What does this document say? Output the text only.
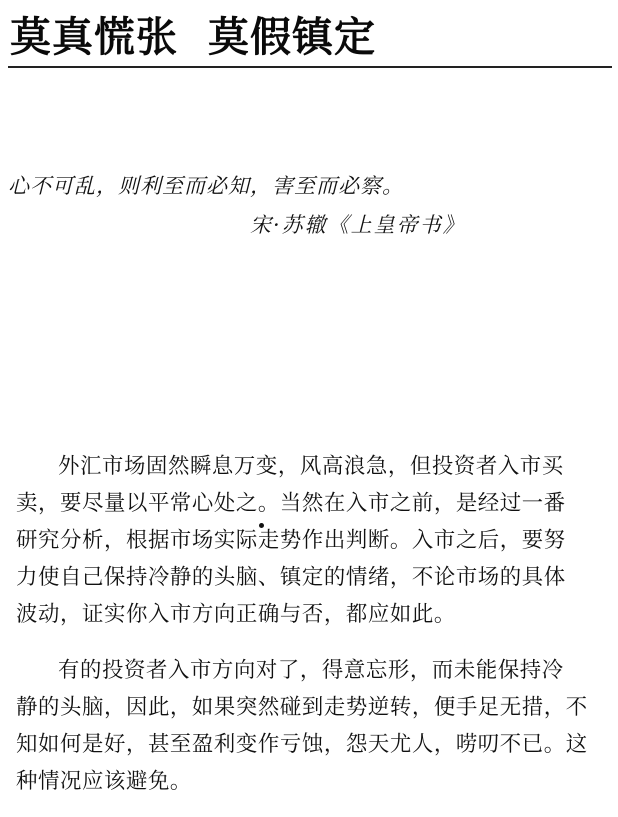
莫真慌张 莫假镇定
心不可乱，则利至而必知，害至而必察。
宋·苏辙《上皇帝书》
外汇市场固然瞬息万变，风高浪急，但投资者入市买
卖，要尽量以平常心处之。当然在入市之前，是经过一番
研究分析，根据市场实际走势作出判断。入市之后，要努
力使自己保持冷静的头脑、镇定的情绪，不论市场的具体
波动，证实你入市方向正确与否，都应如此。
有的投资者入市方向对了，得意忘形，而未能保持冷
静的头脑，因此，如果突然碰到走势逆转，便手足无措，不
知如何是好，甚至盈利变作亏蚀，怨天尤人，唠叨不已。这
种情况应该避免。
